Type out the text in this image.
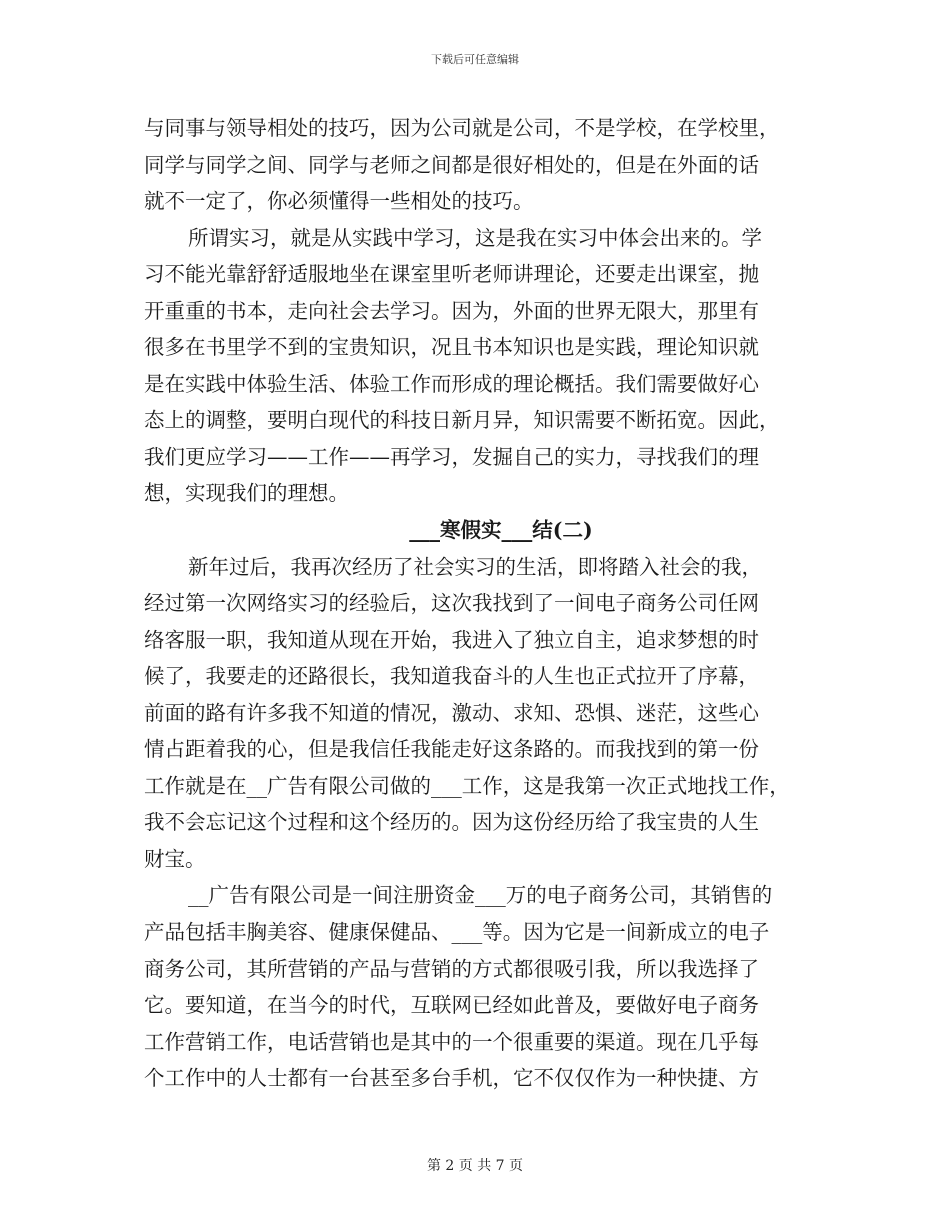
下载后可任意编辑
与同事与领导相处的技巧，因为公司就是公司，不是学校，在学校里，
同学与同学之间、同学与老师之间都是很好相处的，但是在外面的话
就不一定了，你必须懂得一些相处的技巧。
所谓实习，就是从实践中学习，这是我在实习中体会出来的。学
习不能光靠舒舒适服地坐在课室里听老师讲理论，还要走出课室，抛
开重重的书本，走向社会去学习。因为，外面的世界无限大，那里有
很多在书里学不到的宝贵知识，况且书本知识也是实践，理论知识就
是在实践中体验生活、体验工作而形成的理论概括。我们需要做好心
态上的调整，要明白现代的科技日新月异，知识需要不断拓宽。因此，
我们更应学习——工作——再学习，发掘自己的实力，寻找我们的理
想，实现我们的理想。
___寒假实___结(二)
新年过后，我再次经历了社会实习的生活，即将踏入社会的我，
经过第一次网络实习的经验后，这次我找到了一间电子商务公司任网
络客服一职，我知道从现在开始，我进入了独立自主，追求梦想的时
候了，我要走的还路很长，我知道我奋斗的人生也正式拉开了序幕，
前面的路有许多我不知道的情况，激动、求知、恐惧、迷茫，这些心
情占距着我的心，但是我信任我能走好这条路的。而我找到的第一份
工作就是在__广告有限公司做的___工作，这是我第一次正式地找工作，
我不会忘记这个过程和这个经历的。因为这份经历给了我宝贵的人生
财宝。
__广告有限公司是一间注册资金___万的电子商务公司，其销售的
产品包括丰胸美容、健康保健品、___等。因为它是一间新成立的电子
商务公司，其所营销的产品与营销的方式都很吸引我，所以我选择了
它。要知道，在当今的时代，互联网已经如此普及，要做好电子商务
工作营销工作，电话营销也是其中的一个很重要的渠道。现在几乎每
个工作中的人士都有一台甚至多台手机，它不仅仅作为一种快捷、方
第 2 页 共 7 页
